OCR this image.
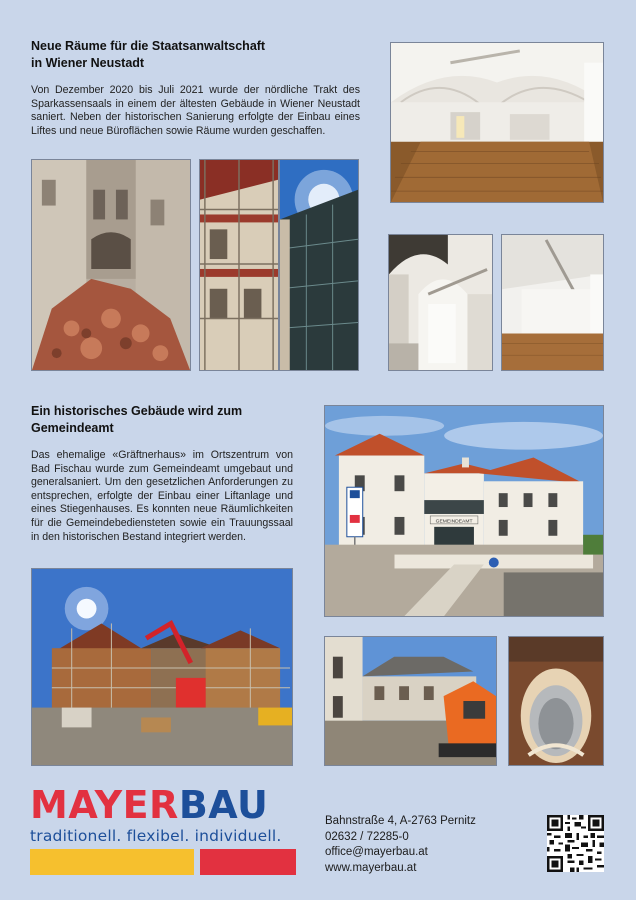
Neue Räume für die Staatsanwaltschaft
in Wiener Neustadt

Von Dezember 2020 bis Juli 2021 wurde der nördliche Trakt des Sparkassensaals in einem der ältesten Gebäude in Wiener Neustadt saniert. Neben der historischen Sanierung erfolgte der Einbau eines Liftes und neue Büroflächen sowie Räume wurden geschaffen.

Ein historisches Gebäude wird zum
Gemeindeamt

Das ehemalige «Gräftnerhaus» im Ortszentrum von Bad Fischau wurde zum Gemeindeamt umgebaut und generalsaniert. Um den gesetzlichen Anforderungen zu entsprechen, erfolgte der Einbau einer Liftanlage und eines Stiegenhauses. Es konnten neue Räumlichkeiten für die Gemeindebediensteten sowie ein Trauungssaal in den historischen Bestand integriert werden.

GEMEINDEAMT
MAYERBAU
traditionell. flexibel. individuell.
Bahnstraße 4, A-2763 Pernitz
02632 / 72285-0
office@mayerbau.at
www.mayerbau.at
